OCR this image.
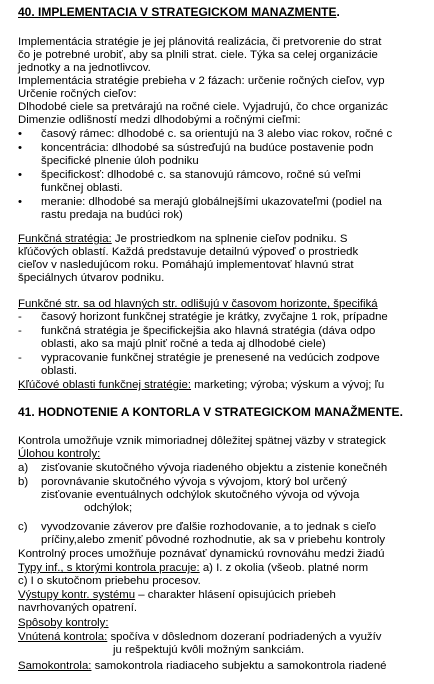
40. IMPLEMENTACIA V STRATEGICKOM MANAZMENTE.
Implementácia stratégie je jej plánovitá realizácia, či pretvorenie do strat
čo je potrebné urobiť, aby sa plnili strat. ciele. Týka sa celej organizácie
jednotky a na jednotlivcov.
Implementácia stratégie prebieha v 2 fázach: určenie ročných cieľov, vyp
Určenie ročných cieľov:
Dlhodobé ciele sa pretvárajú na ročné ciele. Vyjadrujú, čo chce organizác
Dimenzie odlišností medzi dlhodobými a ročnými cieľmi:
• časový rámec: dlhodobé c. sa orientujú na 3 alebo viac rokov, ročné c
• koncentrácia: dlhodobé sa sústreďujú na budúce postavenie podn
špecifické plnenie úloh podniku
• špecifickosť: dlhodobé c. sa stanovujú rámcovo, ročné sú veľmi
funkčnej oblasti.
• meranie: dlhodobé sa merajú globálnejšími ukazovateľmi (podiel na
rastu predaja na budúci rok)
Funkčná stratégia: Je prostriedkom na splnenie cieľov podniku. S
kľúčových oblastí. Každá predstavuje detailnú výpoveď o prostriedk
cieľov v nasledujúcom roku. Pomáhajú implementovať hlavnú strat
špeciálnych útvarov podniku.
Funkčné str. sa od hlavných str. odlišujú v časovom horizonte, špecifiká
- časový horizont funkčnej stratégie je krátky, zvyčajne 1 rok, prípadne
- funkčná stratégia je špecifickejšia ako hlavná stratégia (dáva odpo
oblasti, ako sa majú plniť ročné a teda aj dlhodobé ciele)
- vypracovanie funkčnej stratégie je prenesené na vedúcich zodpove
oblasti.
Kľúčové oblasti funkčnej stratégie: marketing; výroba; výskum a vývoj; ľu
41. HODNOTENIE A KONTORLA V STRATEGICKOM MANAŽMENTE.
Kontrola umožňuje vznik mimoriadnej dôležitej spätnej väzby v strategick
Úlohou kontroly:
a) zisťovanie skutočného vývoja riadeného objektu a zistenie konečnéh
b) porovnávanie skutočného vývoja s vývojom, ktorý bol určený
zisťovanie eventuálnych odchýlok skutočného vývoja od vývoja
odchýlok;
c) vyvodzovanie záverov pre ďalšie rozhodovanie, a to jednak s cieľo
príčiny,alebo zmeniť pôvodné rozhodnutie, ak sa v priebehu kontroly
Kontrolný proces umožňuje poznávať dynamickú rovnováhu medzi žiadú
Typy inf., s ktorými kontrola pracuje: a) I. z okolia (všeob. platné norm
c) I o skutočnom priebehu procesov.
Výstupy kontr. systému – charakter hlásení opisujúcich priebeh
navrhovaných opatrení.
Spôsoby kontroly:
Vnútená kontrola: spočíva v dôslednom dozeraní podriadených a využív
ju rešpektujú kvôli možným sankciám.
Samokontrola: samokontrola riadiaceho subjektu a samokontrola riadené
